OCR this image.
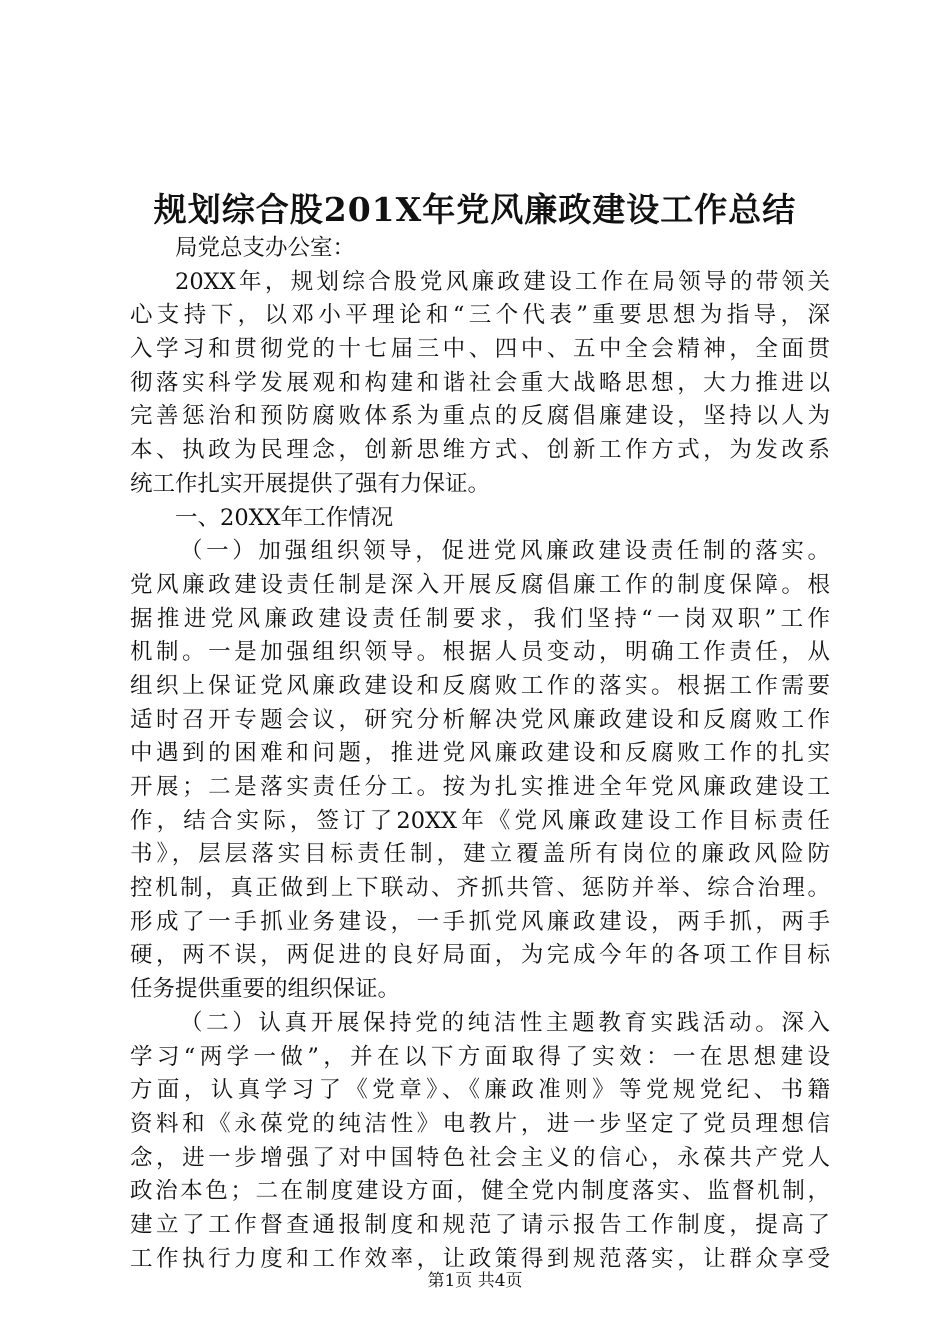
规划综合股201X年党风廉政建设工作总结
局党总支办公室：
20XX年，规划综合股党风廉政建设工作在局领导的带领关
心支持下，以邓小平理论和“三个代表”重要思想为指导，深
入学习和贯彻党的十七届三中、四中、五中全会精神，全面贯
彻落实科学发展观和构建和谐社会重大战略思想，大力推进以
完善惩治和预防腐败体系为重点的反腐倡廉建设，坚持以人为
本、执政为民理念，创新思维方式、创新工作方式，为发改系
统工作扎实开展提供了强有力保证。
一、20XX年工作情况
（一）加强组织领导，促进党风廉政建设责任制的落实。
党风廉政建设责任制是深入开展反腐倡廉工作的制度保障。根
据推进党风廉政建设责任制要求，我们坚持“一岗双职”工作
机制。一是加强组织领导。根据人员变动，明确工作责任，从
组织上保证党风廉政建设和反腐败工作的落实。根据工作需要
适时召开专题会议，研究分析解决党风廉政建设和反腐败工作
中遇到的困难和问题，推进党风廉政建设和反腐败工作的扎实
开展；二是落实责任分工。按为扎实推进全年党风廉政建设工
作，结合实际，签订了20XX年《党风廉政建设工作目标责任
书》，层层落实目标责任制，建立覆盖所有岗位的廉政风险防
控机制，真正做到上下联动、齐抓共管、惩防并举、综合治理。
形成了一手抓业务建设，一手抓党风廉政建设，两手抓，两手
硬，两不误，两促进的良好局面，为完成今年的各项工作目标
任务提供重要的组织保证。
（二）认真开展保持党的纯洁性主题教育实践活动。深入
学习“两学一做”，并在以下方面取得了实效：一在思想建设
方面，认真学习了《党章》、《廉政准则》等党规党纪、书籍
资料和《永葆党的纯洁性》电教片，进一步坚定了党员理想信
念，进一步增强了对中国特色社会主义的信心，永葆共产党人
政治本色；二在制度建设方面，健全党内制度落实、监督机制，
建立了工作督查通报制度和规范了请示报告工作制度，提高了
工作执行力度和工作效率，让政策得到规范落实，让群众享受
第1页 共4页
